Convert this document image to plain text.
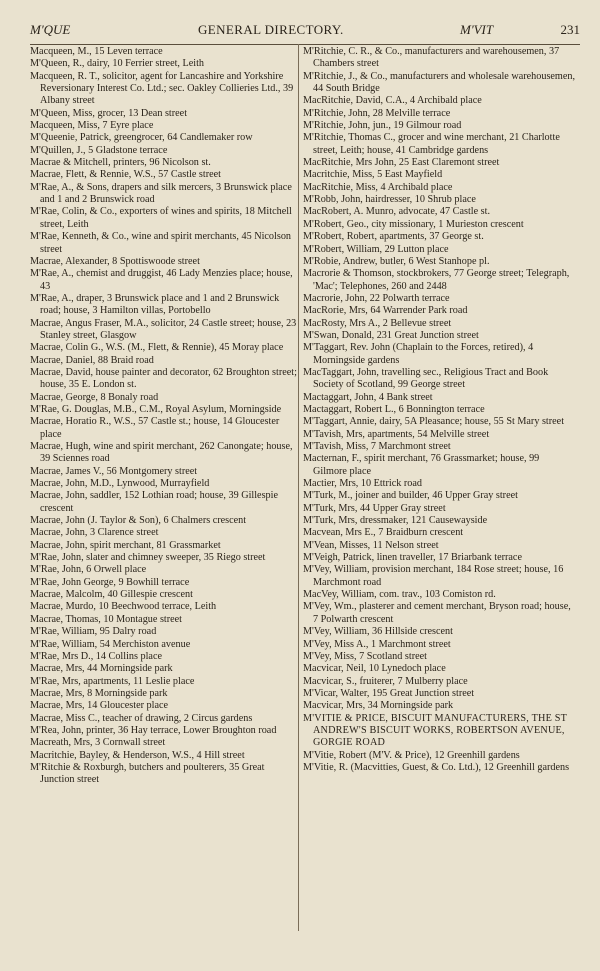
M'QUE	GENERAL DIRECTORY.	M'VIT	231

Macqueen, M., 15 Leven terrace

M'Queen, R., dairy, 10 Ferrier street, Leith

Macqueen, R. T., solicitor, agent for Lancashire and Yorkshire Reversionary Interest Co. Ltd.; sec. Oakley Collieries Ltd., 39 Albany street

M'Queen, Miss, grocer, 13 Dean street

Macqueen, Miss, 7 Eyre place

M'Queenie, Patrick, greengrocer, 64 Candlemaker row

M'Quillen, J., 5 Gladstone terrace

Macrae & Mitchell, printers, 96 Nicolson st.

Macrae, Flett, & Rennie, W.S., 57 Castle street

M'Rae, A., & Sons, drapers and silk mercers, 3 Brunswick place and 1 and 2 Brunswick road

M'Rae, Colin, & Co., exporters of wines and spirits, 18 Mitchell street, Leith

M'Rae, Kenneth, & Co., wine and spirit merchants, 45 Nicolson street

Macrae, Alexander, 8 Spottiswoode street

M'Rae, A., chemist and druggist, 46 Lady Menzies place; house, 43

M'Rae, A., draper, 3 Brunswick place and 1 and 2 Brunswick road; house, 3 Hamilton villas, Portobello

Macrae, Angus Fraser, M.A., solicitor, 24 Castle street; house, 23 Stanley street, Glasgow

Macrae, Colin G., W.S. (M., Flett, & Rennie), 45 Moray place

Macrae, Daniel, 88 Braid road

Macrae, David, house painter and decorator, 62 Broughton street; house, 35 E. London st.

Macrae, George, 8 Bonaly road

M'Rae, G. Douglas, M.B., C.M., Royal Asylum, Morningside

Macrae, Horatio R., W.S., 57 Castle st.; house, 14 Gloucester place

Macrae, Hugh, wine and spirit merchant, 262 Canongate; house, 39 Sciennes road

Macrae, James V., 56 Montgomery street

Macrae, John, M.D., Lynwood, Murrayfield

Macrae, John, saddler, 152 Lothian road; house, 39 Gillespie crescent

Macrae, John (J. Taylor & Son), 6 Chalmers crescent

Macrae, John, 3 Clarence street

Macrae, John, spirit merchant, 81 Grassmarket

M'Rae, John, slater and chimney sweeper, 35 Riego street

M'Rae, John, 6 Orwell place

M'Rae, John George, 9 Bowhill terrace

Macrae, Malcolm, 40 Gillespie crescent

Macrae, Murdo, 10 Beechwood terrace, Leith

Macrae, Thomas, 10 Montague street

M'Rae, William, 95 Dalry road

M'Rae, William, 54 Merchiston avenue

M'Rae, Mrs D., 14 Collins place

Macrae, Mrs, 44 Morningside park

M'Rae, Mrs, apartments, 11 Leslie place

Macrae, Mrs, 8 Morningside park

Macrae, Mrs, 14 Gloucester place

Macrae, Miss C., teacher of drawing, 2 Circus gardens

M'Rea, John, printer, 36 Hay terrace, Lower Broughton road

Macreath, Mrs, 3 Cornwall street

Macritchie, Bayley, & Henderson, W.S., 4 Hill street

M'Ritchie & Roxburgh, butchers and poulterers, 35 Great Junction street

M'Ritchie, C. R., & Co., manufacturers and warehousemen, 37 Chambers street

M'Ritchie, J., & Co., manufacturers and wholesale warehousemen, 44 South Bridge

MacRitchie, David, C.A., 4 Archibald place

M'Ritchie, John, 28 Melville terrace

M'Ritchie, John, jun., 19 Gilmour road

M'Ritchie, Thomas C., grocer and wine merchant, 21 Charlotte street, Leith; house, 41 Cambridge gardens

MacRitchie, Mrs John, 25 East Claremont street

Macritchie, Miss, 5 East Mayfield

MacRitchie, Miss, 4 Archibald place

M'Robb, John, hairdresser, 10 Shrub place

MacRobert, A. Munro, advocate, 47 Castle st.

M'Robert, Geo., city missionary, 1 Murieston crescent

M'Robert, Robert, apartments, 37 George st.

M'Robert, William, 29 Lutton place

M'Robie, Andrew, butler, 6 West Stanhope pl.

Macrorie & Thomson, stockbrokers, 77 George street; Telegraph, 'Mac'; Telephones, 260 and 2448

Macrorie, John, 22 Polwarth terrace

MacRorie, Mrs, 64 Warrender Park road

MacRosty, Mrs A., 2 Bellevue street

M'Swan, Donald, 231 Great Junction street

M'Taggart, Rev. John (Chaplain to the Forces, retired), 4 Morningside gardens

MacTaggart, John, travelling sec., Religious Tract and Book Society of Scotland, 99 George street

Mactaggart, John, 4 Bank street

Mactaggart, Robert L., 6 Bonnington terrace

M'Taggart, Annie, dairy, 5A Pleasance; house, 55 St Mary street

M'Tavish, Mrs, apartments, 54 Melville street

M'Tavish, Miss, 7 Marchmont street

Macternan, F., spirit merchant, 76 Grassmarket; house, 99 Gilmore place

Mactier, Mrs, 10 Ettrick road

M'Turk, M., joiner and builder, 46 Upper Gray street

M'Turk, Mrs, 44 Upper Gray street

M'Turk, Mrs, dressmaker, 121 Causewayside

Macvean, Mrs E., 7 Braidburn crescent

M'Vean, Misses, 11 Nelson street

M'Veigh, Patrick, linen traveller, 17 Briarbank terrace

M'Vey, William, provision merchant, 184 Rose street; house, 16 Marchmont road

MacVey, William, com. trav., 103 Comiston rd.

M'Vey, Wm., plasterer and cement merchant, Bryson road; house, 7 Polwarth crescent

M'Vey, William, 36 Hillside crescent

M'Vey, Miss A., 1 Marchmont street

M'Vey, Miss, 7 Scotland street

Macvicar, Neil, 10 Lynedoch place

Macvicar, S., fruiterer, 7 Mulberry place

M'Vicar, Walter, 195 Great Junction street

Macvicar, Mrs, 34 Morningside park

M'VITIE & PRICE, BISCUIT MANUFACTURERS, THE ST ANDREW'S BISCUIT WORKS, ROBERTSON AVENUE, GORGIE ROAD

M'Vitie, Robert (M'V. & Price), 12 Greenhill gardens

M'Vitie, R. (Macvitties, Guest, & Co. Ltd.), 12 Greenhill gardens
